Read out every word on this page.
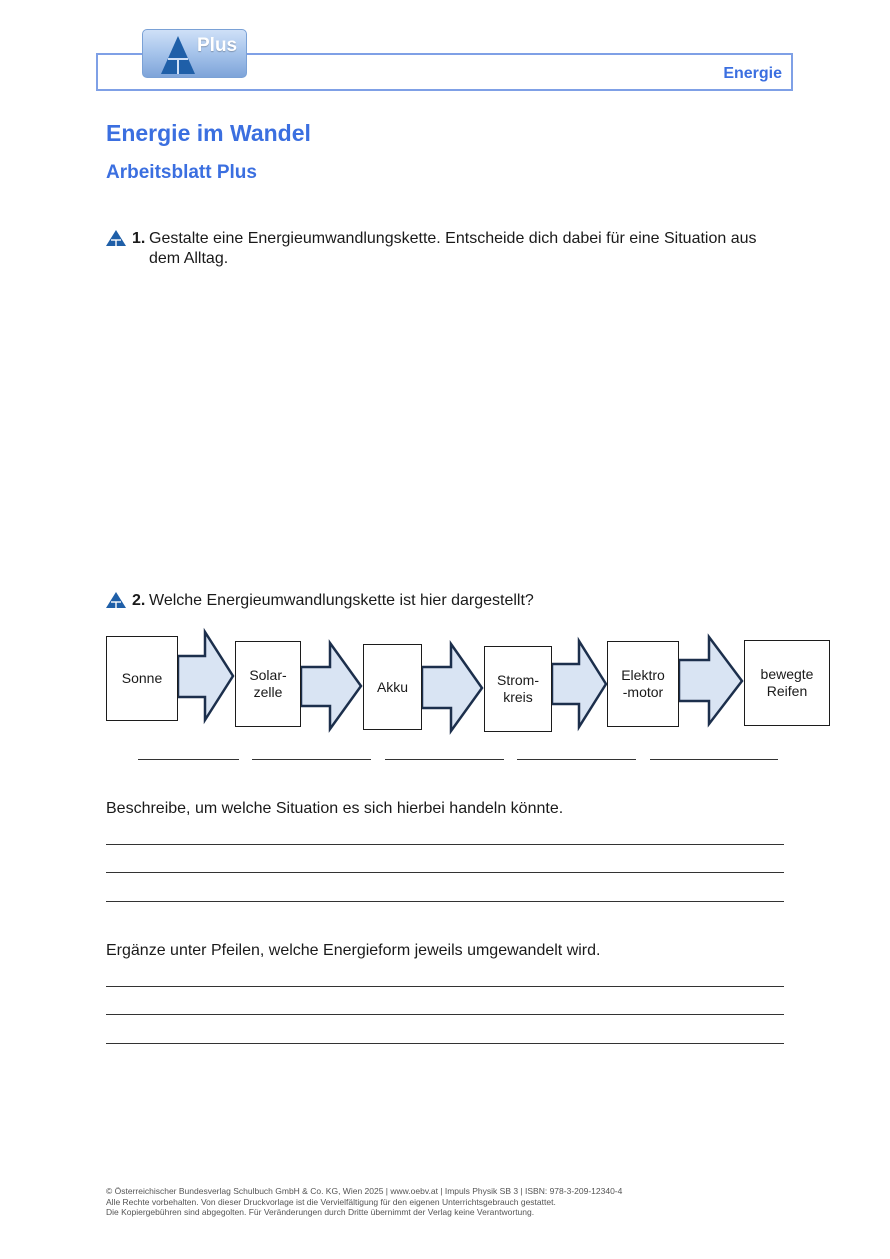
Energie
Plus
Energie im Wandel
Arbeitsblatt Plus
1. Gestalte eine Energieumwandlungskette. Entscheide dich dabei für eine Situation aus dem Alltag.
2. Welche Energieumwandlungskette ist hier dargestellt?
Sonne	Solar-
zelle	Akku	Strom-
kreis
Elektro
-motor
bewegte
Reifen
Beschreibe, um welche Situation es sich hierbei handeln könnte.
Ergänze unter Pfeilen, welche Energieform jeweils umgewandelt wird.
© Österreichischer Bundesverlag Schulbuch GmbH & Co. KG, Wien 2025 | www.oebv.at | Impuls Physik SB 3 | ISBN: 978-3-209-12340-4
Alle Rechte vorbehalten. Von dieser Druckvorlage ist die Vervielfältigung für den eigenen Unterrichtsgebrauch gestattet.
Die Kopiergebühren sind abgegolten. Für Veränderungen durch Dritte übernimmt der Verlag keine Verantwortung.
